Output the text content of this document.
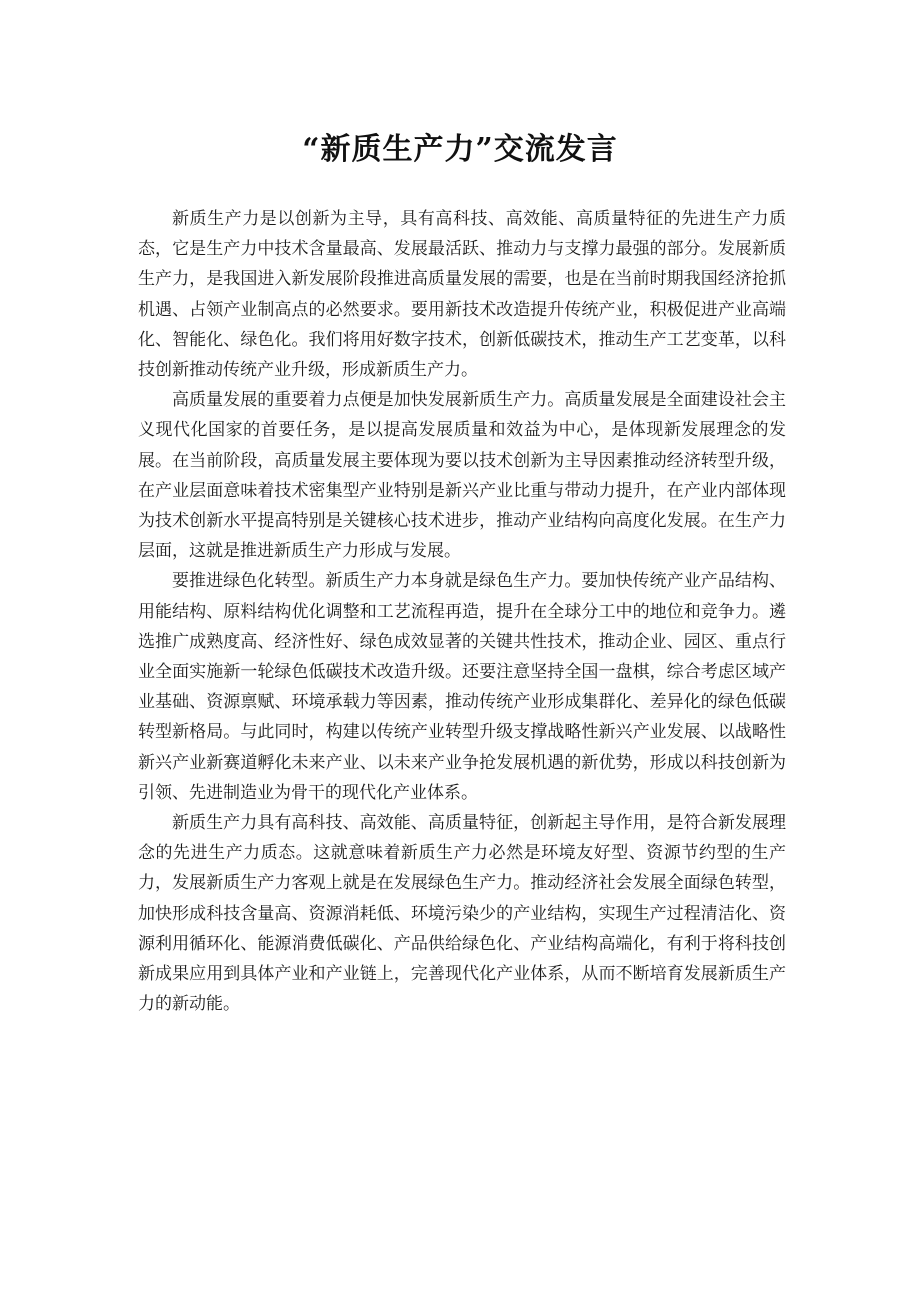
“新质生产力”交流发言

新质生产力是以创新为主导，具有高科技、高效能、高质量特征的先进生产力质态，它是生产力中技术含量最高、发展最活跃、推动力与支撑力最强的部分。发展新质生产力，是我国进入新发展阶段推进高质量发展的需要，也是在当前时期我国经济抢抓机遇、占领产业制高点的必然要求。要用新技术改造提升传统产业，积极促进产业高端化、智能化、绿色化。我们将用好数字技术，创新低碳技术，推动生产工艺变革，以科技创新推动传统产业升级，形成新质生产力。

高质量发展的重要着力点便是加快发展新质生产力。高质量发展是全面建设社会主义现代化国家的首要任务，是以提高发展质量和效益为中心，是体现新发展理念的发展。在当前阶段，高质量发展主要体现为要以技术创新为主导因素推动经济转型升级，在产业层面意味着技术密集型产业特别是新兴产业比重与带动力提升，在产业内部体现为技术创新水平提高特别是关键核心技术进步，推动产业结构向高度化发展。在生产力层面，这就是推进新质生产力形成与发展。

要推进绿色化转型。新质生产力本身就是绿色生产力。要加快传统产业产品结构、用能结构、原料结构优化调整和工艺流程再造，提升在全球分工中的地位和竞争力。遴选推广成熟度高、经济性好、绿色成效显著的关键共性技术，推动企业、园区、重点行业全面实施新一轮绿色低碳技术改造升级。还要注意坚持全国一盘棋，综合考虑区域产业基础、资源禀赋、环境承载力等因素，推动传统产业形成集群化、差异化的绿色低碳转型新格局。与此同时，构建以传统产业转型升级支撑战略性新兴产业发展、以战略性新兴产业新赛道孵化未来产业、以未来产业争抢发展机遇的新优势，形成以科技创新为引领、先进制造业为骨干的现代化产业体系。

新质生产力具有高科技、高效能、高质量特征，创新起主导作用，是符合新发展理念的先进生产力质态。这就意味着新质生产力必然是环境友好型、资源节约型的生产力，发展新质生产力客观上就是在发展绿色生产力。推动经济社会发展全面绿色转型，加快形成科技含量高、资源消耗低、环境污染少的产业结构，实现生产过程清洁化、资源利用循环化、能源消费低碳化、产品供给绿色化、产业结构高端化，有利于将科技创新成果应用到具体产业和产业链上，完善现代化产业体系，从而不断培育发展新质生产力的新动能。
